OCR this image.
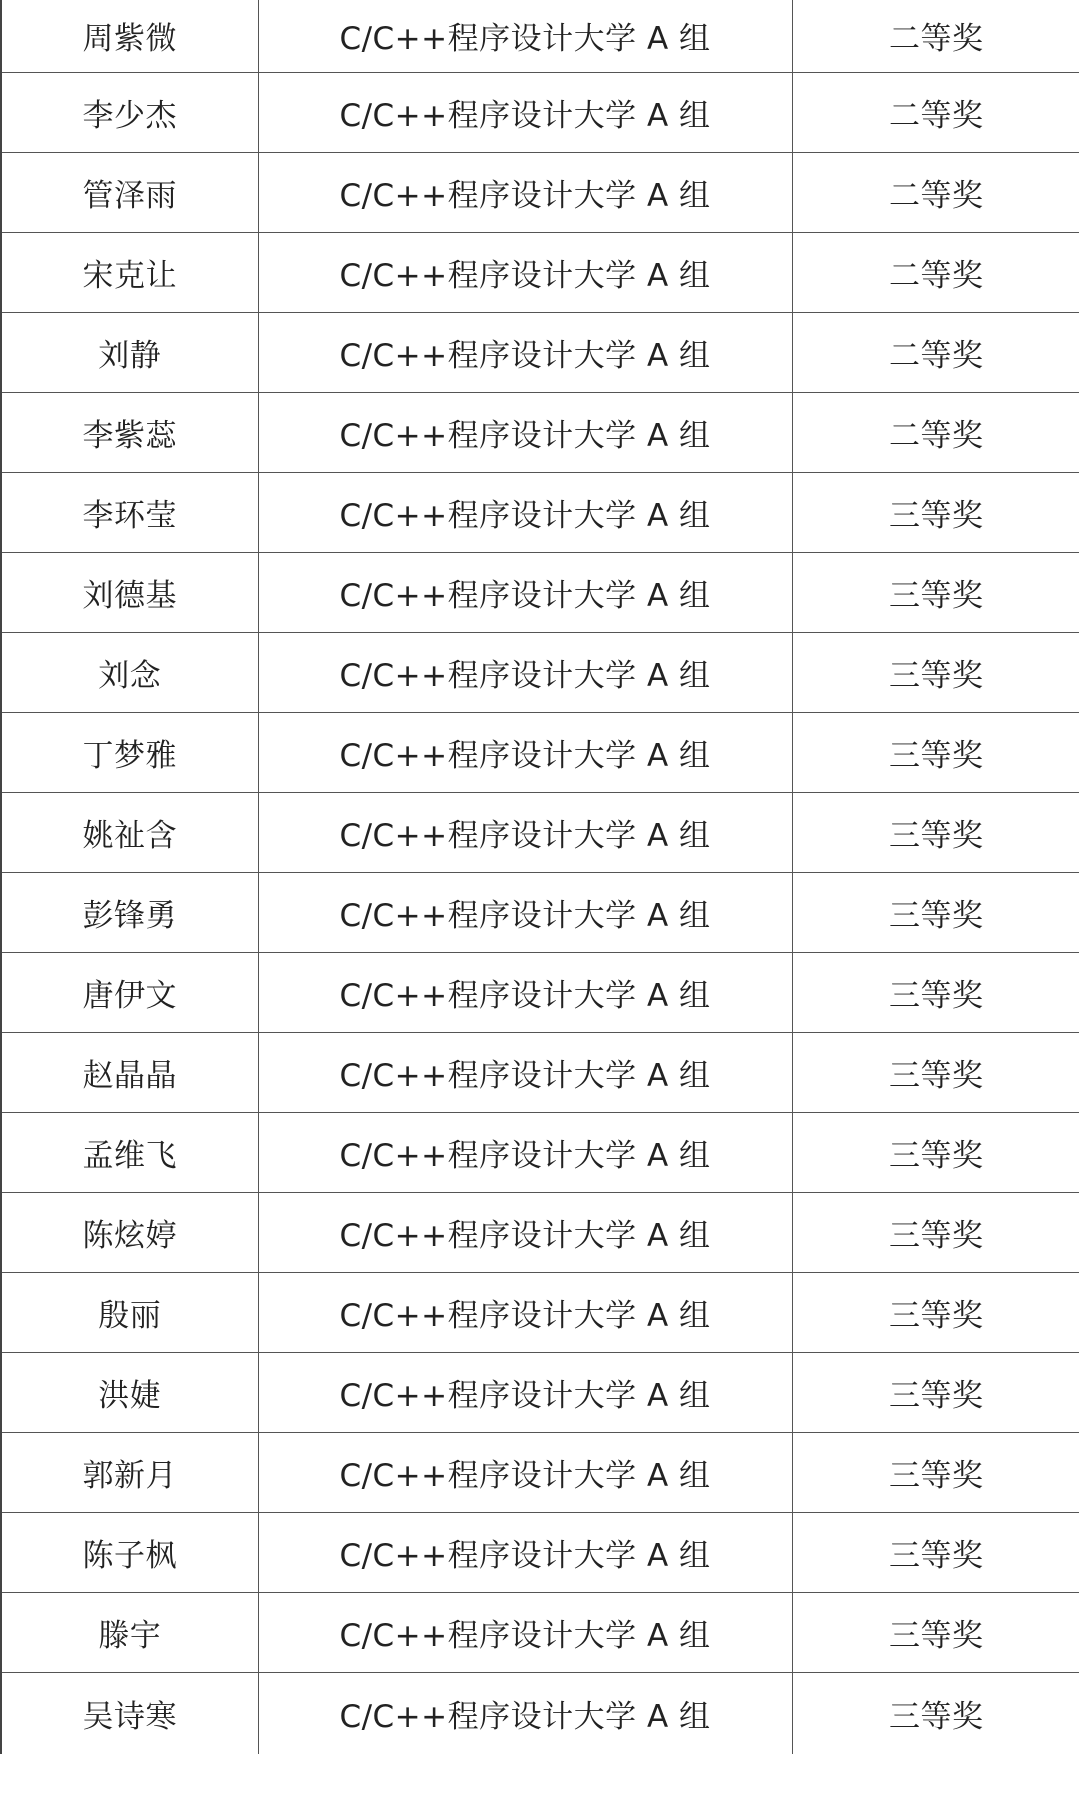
周紫微	C/C++程序设计大学 A 组	二等奖
李少杰	C/C++程序设计大学 A 组	二等奖
管泽雨	C/C++程序设计大学 A 组	二等奖
宋克让	C/C++程序设计大学 A 组	二等奖
刘静	C/C++程序设计大学 A 组	二等奖
李紫蕊	C/C++程序设计大学 A 组	二等奖
李环莹	C/C++程序设计大学 A 组	三等奖
刘德基	C/C++程序设计大学 A 组	三等奖
刘念	C/C++程序设计大学 A 组	三等奖
丁梦雅	C/C++程序设计大学 A 组	三等奖
姚祉含	C/C++程序设计大学 A 组	三等奖
彭锋勇	C/C++程序设计大学 A 组	三等奖
唐伊文	C/C++程序设计大学 A 组	三等奖
赵晶晶	C/C++程序设计大学 A 组	三等奖
孟维飞	C/C++程序设计大学 A 组	三等奖
陈炫婷	C/C++程序设计大学 A 组	三等奖
殷丽	C/C++程序设计大学 A 组	三等奖
洪婕	C/C++程序设计大学 A 组	三等奖
郭新月	C/C++程序设计大学 A 组	三等奖
陈子枫	C/C++程序设计大学 A 组	三等奖
滕宇	C/C++程序设计大学 A 组	三等奖
吴诗寒	C/C++程序设计大学 A 组	三等奖
